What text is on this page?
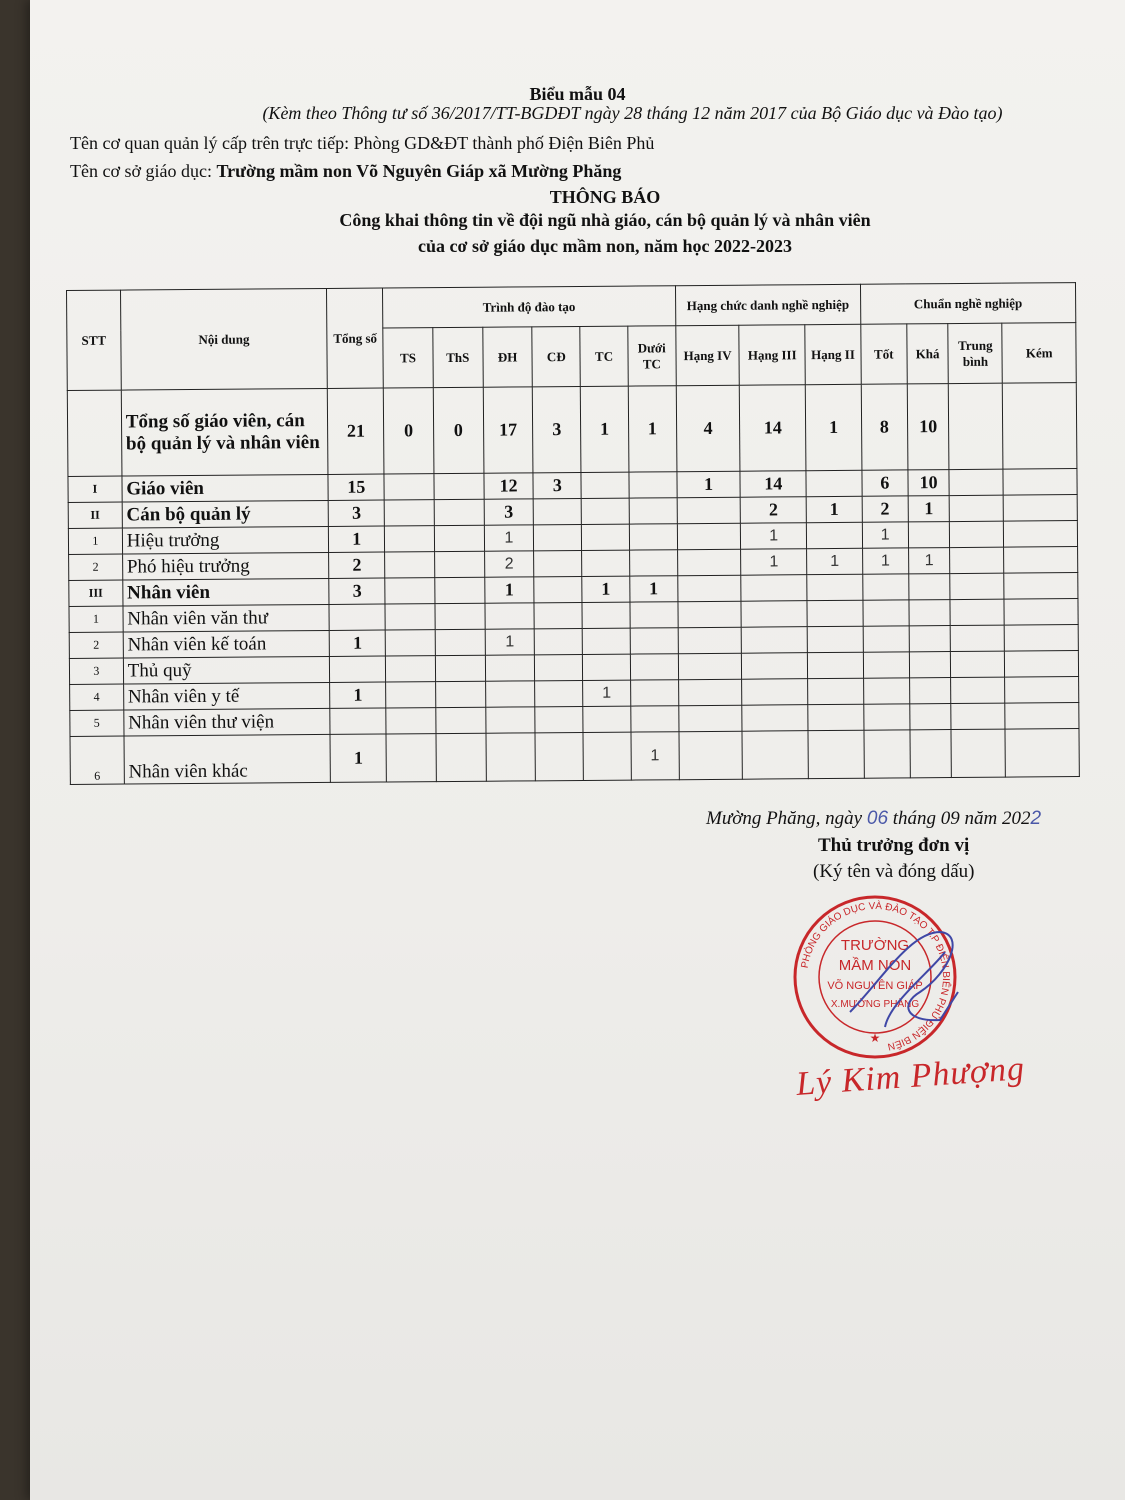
Biểu mẫu 04
(Kèm theo Thông tư số 36/2017/TT-BGDĐT ngày 28 tháng 12 năm 2017 của Bộ Giáo dục và Đào tạo)
Tên cơ quan quản lý cấp trên trực tiếp: Phòng GD&ĐT thành phố Điện Biên Phủ
Tên cơ sở giáo dục: Trường mầm non Võ Nguyên Giáp xã Mường Phăng
THÔNG BÁO
Công khai thông tin về đội ngũ nhà giáo, cán bộ quản lý và nhân viên
của cơ sở giáo dục mầm non, năm học 2022-2023
STT	Nội dung	Tổng số	Trình độ đào tạo						Hạng chức danh nghề nghiệp			Chuẩn nghề nghiệp			
			TS	ThS	ĐH	CĐ	TC	Dưới TC	Hạng IV	Hạng III	Hạng II	Tốt	Khá	Trung bình	Kém
	Tổng số giáo viên, cán bộ quản lý và nhân viên	21	0	0	17	3	1	1	4	14	1	8	10		
I	Giáo viên	15			12	3			1	14		6	10		
II	Cán bộ quản lý	3			3					2	1	2	1		
1	Hiệu trưởng	1			1					1		1			
2	Phó hiệu trưởng	2			2					1	1	1	1		
III	Nhân viên	3			1		1	1							
1	Nhân viên văn thư														
2	Nhân viên kế toán	1			1										
3	Thủ quỹ														
4	Nhân viên y tế	1					1								
5	Nhân viên thư viện														
6	Nhân viên khác	1						1							
Mường Phăng, ngày 06 tháng 09 năm 2022
Thủ trưởng đơn vị
(Ký tên và đóng dấu)
PHÒNG GIÁO DỤC VÀ ĐÀO TẠO T.P ĐIỆN BIÊN PHỦ ĐIỆN BIÊN
TRƯỜNG
MẦM NON
VÕ NGUYÊN GIÁP
X.MƯỜNG PHĂNG
★
Lý Kim Phượng
